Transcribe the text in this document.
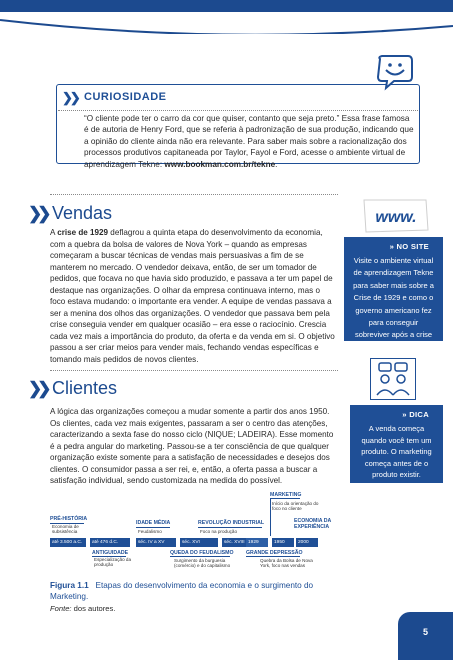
❯❯ CURIOSIDADE
“O cliente pode ter o carro da cor que quiser, contanto que seja preto.” Essa frase famosa é de autoria de Henry Ford, que se referia à padronização de sua produção, indicando que a opinião do cliente ainda não era relevante. Para saber mais sobre a racionalização dos processos produtivos capitaneada por Taylor, Fayol e Ford, acesse o ambiente virtual de aprendizagem Tekne: www.bookman.com.br/tekne.
❯❯ Vendas
A crise de 1929 deflagrou a quinta etapa do desenvolvimento da economia, com a quebra da bolsa de valores de Nova York – quando as empresas começaram a buscar técnicas de vendas mais persuasivas a fim de se manterem no mercado. O vendedor deixava, então, de ser um tomador de pedidos, que focava no que havia sido produzido, e passava a ter um papel de destaque nas organizações. O olhar da empresa continuava interno, mas o foco estava mudando: o importante era vender. A equipe de vendas passava a ser a menina dos olhos das organizações. O vendedor que passava bem pela crise conseguia vender em qualquer ocasião – era esse o raciocínio. Crescia cada vez mais a importância do produto, da oferta e da venda em si. O objetivo passou a ser criar meios para vender mais, fechando vendas específicas e tomando mais pedidos de novos clientes.
www.
» NO SITE
Visite o ambiente virtual de aprendizagem Tekne para saber mais sobre a Crise de 1929 e como o governo americano fez para conseguir sobreviver após a crise (Plano New Deal).
❯❯ Clientes
A lógica das organizações começou a mudar somente a partir dos anos 1950. Os clientes, cada vez mais exigentes, passaram a ser o centro das atenções, caracterizando a sexta fase do nosso ciclo (NIQUE; LADEIRA). Esse momento é a pedra angular do marketing. Passou-se a ter consciência de que qualquer organização existe somente para a satisfação de necessidades e desejos dos clientes. O consumidor passa a ser rei, e, então, a oferta passa a buscar a satisfação individual, sendo customizada na medida do possível.
» DICA
A venda começa quando você tem um produto. O marketing começa antes de o produto existir. (KOTLER, 2013).
MARKETING
Início da orientação do foco no cliente
PRÉ-HISTÓRIA
Economia de subsistência
IDADE MÉDIA
Feudalismo
REVOLUÇÃO INDUSTRIAL
Foco na produção
ECONOMIA DA EXPERIÊNCIA
até 3.500 a.C.	até 476 d.C.	séc. IV a XV	séc. XVI	séc. XVIII 1929	1950	2000
ANTIGUIDADE
Especialização da produção
QUEDA DO FEUDALISMO
Surgimento da burguesia (comércio) e do capitalismo
GRANDE DEPRESSÃO
Quebra da Bolsa de Nova York, foco nas vendas
Figura 1.1 Etapas do desenvolvimento da economia e o surgimento do Marketing.
Fonte: dos autores.
5
